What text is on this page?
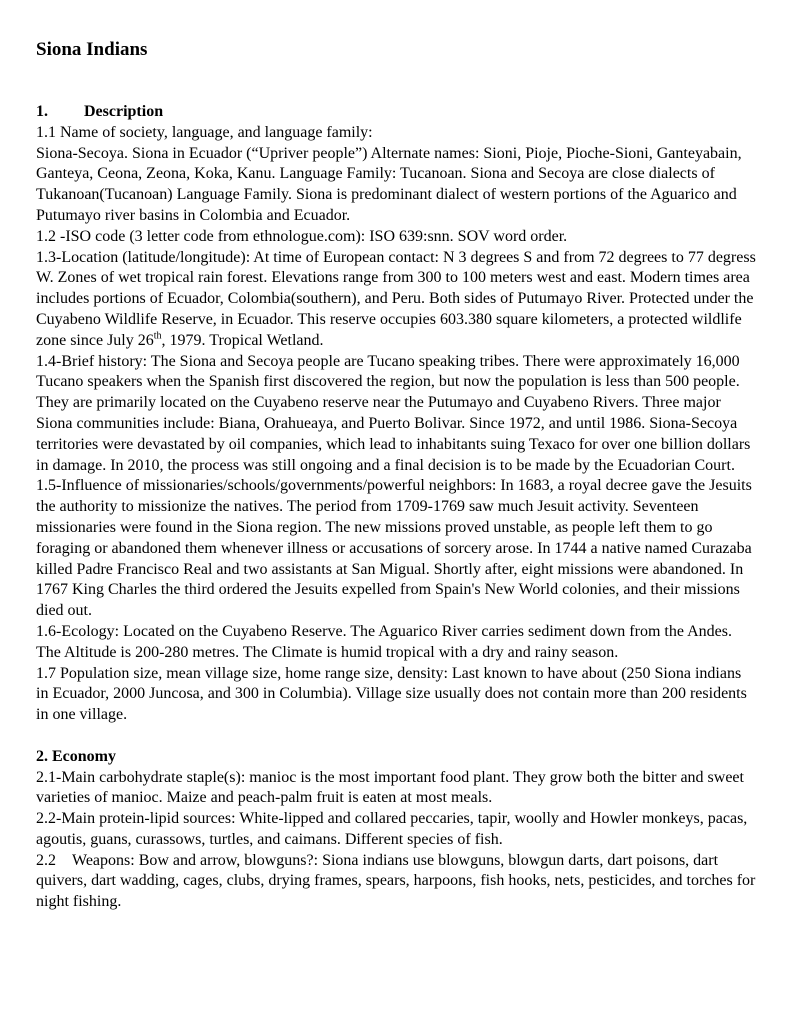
Siona Indians

1. Description

1.1 Name of society, language, and language family:

Siona-Secoya. Siona in Ecuador (“Upriver people”) Alternate names: Sioni, Pioje, Pioche-Sioni, Ganteyabain, Ganteya, Ceona, Zeona, Koka, Kanu. Language Family: Tucanoan. Siona and Secoya are close dialects of Tukanoan(Tucanoan) Language Family. Siona is predominant dialect of western portions of the Aguarico and Putumayo river basins in Colombia and Ecuador.

1.2 -ISO code (3 letter code from ethnologue.com): ISO 639:snn. SOV word order.

1.3-Location (latitude/longitude): At time of European contact: N 3 degrees S and from 72 degrees to 77 degress W. Zones of wet tropical rain forest. Elevations range from 300 to 100 meters west and east. Modern times area includes portions of Ecuador, Colombia(southern), and Peru. Both sides of Putumayo River. Protected under the Cuyabeno Wildlife Reserve, in Ecuador. This reserve occupies 603.380 square kilometers, a protected wildlife zone since July 26th, 1979. Tropical Wetland.

1.4-Brief history: The Siona and Secoya people are Tucano speaking tribes. There were approximately 16,000 Tucano speakers when the Spanish first discovered the region, but now the population is less than 500 people. They are primarily located on the Cuyabeno reserve near the Putumayo and Cuyabeno Rivers. Three major Siona communities include: Biana, Orahueaya, and Puerto Bolivar. Since 1972, and until 1986. Siona-Secoya territories were devastated by oil companies, which lead to inhabitants suing Texaco for over one billion dollars in damage. In 2010, the process was still ongoing and a final decision is to be made by the Ecuadorian Court.

1.5-Influence of missionaries/schools/governments/powerful neighbors: In 1683, a royal decree gave the Jesuits the authority to missionize the natives. The period from 1709-1769 saw much Jesuit activity. Seventeen missionaries were found in the Siona region. The new missions proved unstable, as people left them to go foraging or abandoned them whenever illness or accusations of sorcery arose. In 1744 a native named Curazaba killed Padre Francisco Real and two assistants at San Migual. Shortly after, eight missions were abandoned. In 1767 King Charles the third ordered the Jesuits expelled from Spain's New World colonies, and their missions died out.

1.6-Ecology: Located on the Cuyabeno Reserve. The Aguarico River carries sediment down from the Andes. The Altitude is 200-280 metres. The Climate is humid tropical with a dry and rainy season.

1.7 Population size, mean village size, home range size, density: Last known to have about (250 Siona indians in Ecuador, 2000 Juncosa, and 300 in Columbia). Village size usually does not contain more than 200 residents in one village.

2. Economy

2.1-Main carbohydrate staple(s): manioc is the most important food plant. They grow both the bitter and sweet varieties of manioc. Maize and peach-palm fruit is eaten at most meals.

2.2-Main protein-lipid sources: White-lipped and collared peccaries, tapir, woolly and Howler monkeys, pacas, agoutis, guans, curassows, turtles, and caimans. Different species of fish.

2.2 Weapons: Bow and arrow, blowguns?: Siona indians use blowguns, blowgun darts, dart poisons, dart quivers, dart wadding, cages, clubs, drying frames, spears, harpoons, fish hooks, nets, pesticides, and torches for night fishing.
